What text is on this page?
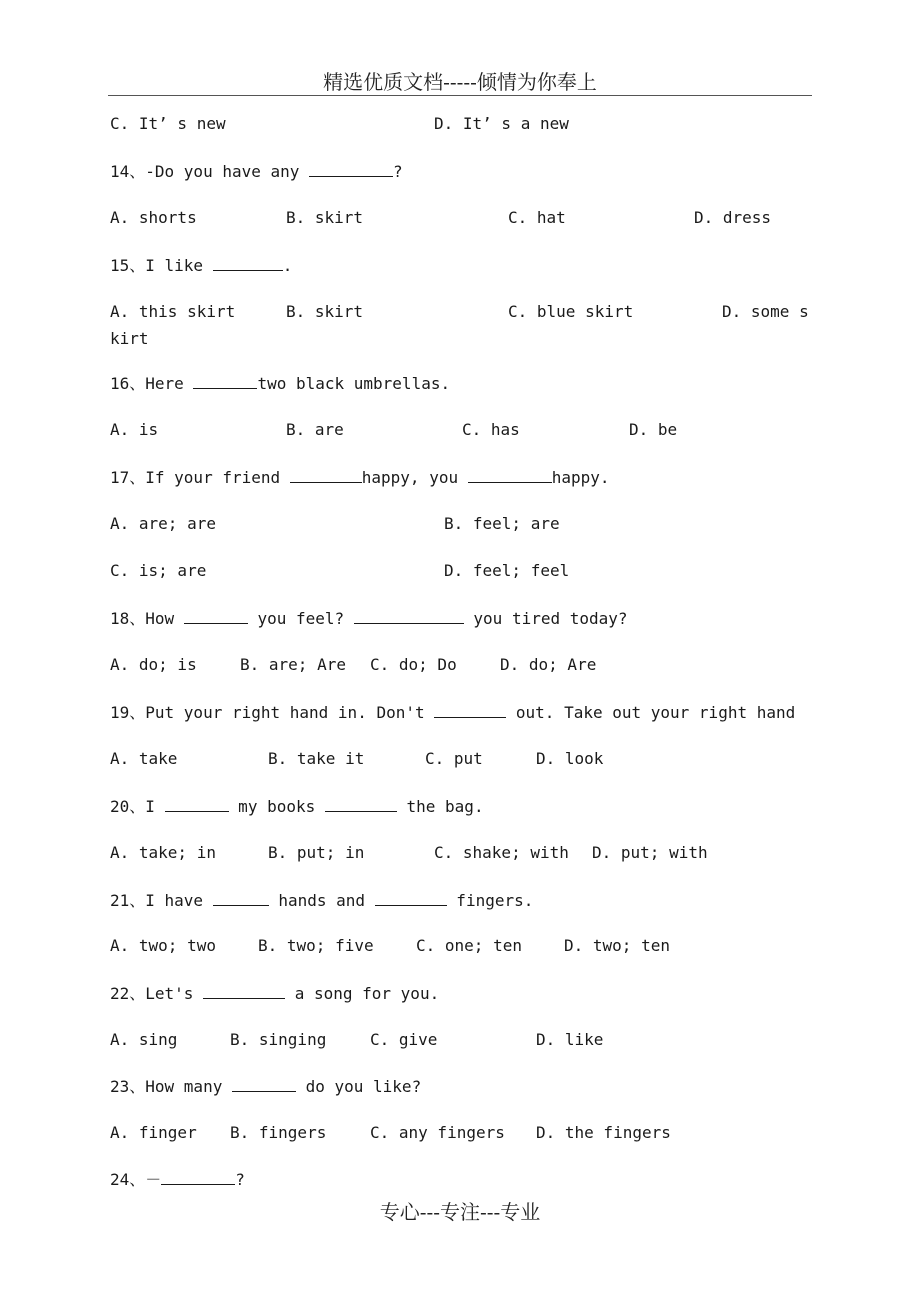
精选优质文档-----倾情为你奉上
C. It’ s new	D. It’ s a new
14、-Do you have any	?
A. shorts	B. skirt	C. hat	D. dress
15、I like	.
A. this skirt	B. skirt	C. blue skirt	D. some s
kirt
16、Here	two black umbrellas.
A. is	B. are	C. has	D. be
17、If your friend	happy, you	happy.
A. are; are	B. feel; are
C. is; are	D. feel; feel
18、How	you feel?	you tired today?
A. do; is	B. are; Are C. do; Do	D. do; Are
19、Put your right hand in. Don't	out. Take out your right hand
A. take	B. take it	C. put	D. look
20、I	my books	the bag.
A. take; in	B. put; in	C. shake; with D. put; with
21、I have	hands and	fingers.
A. two; two	B. two; five	C. one; ten	D. two; ten
22、Let's	a song for you.
A. sing	B. singing	C. give	D. like
23、How many	do you like?
A. finger B. fingers	C. any fingers D. the fingers
24、－	?
专心---专注---专业
